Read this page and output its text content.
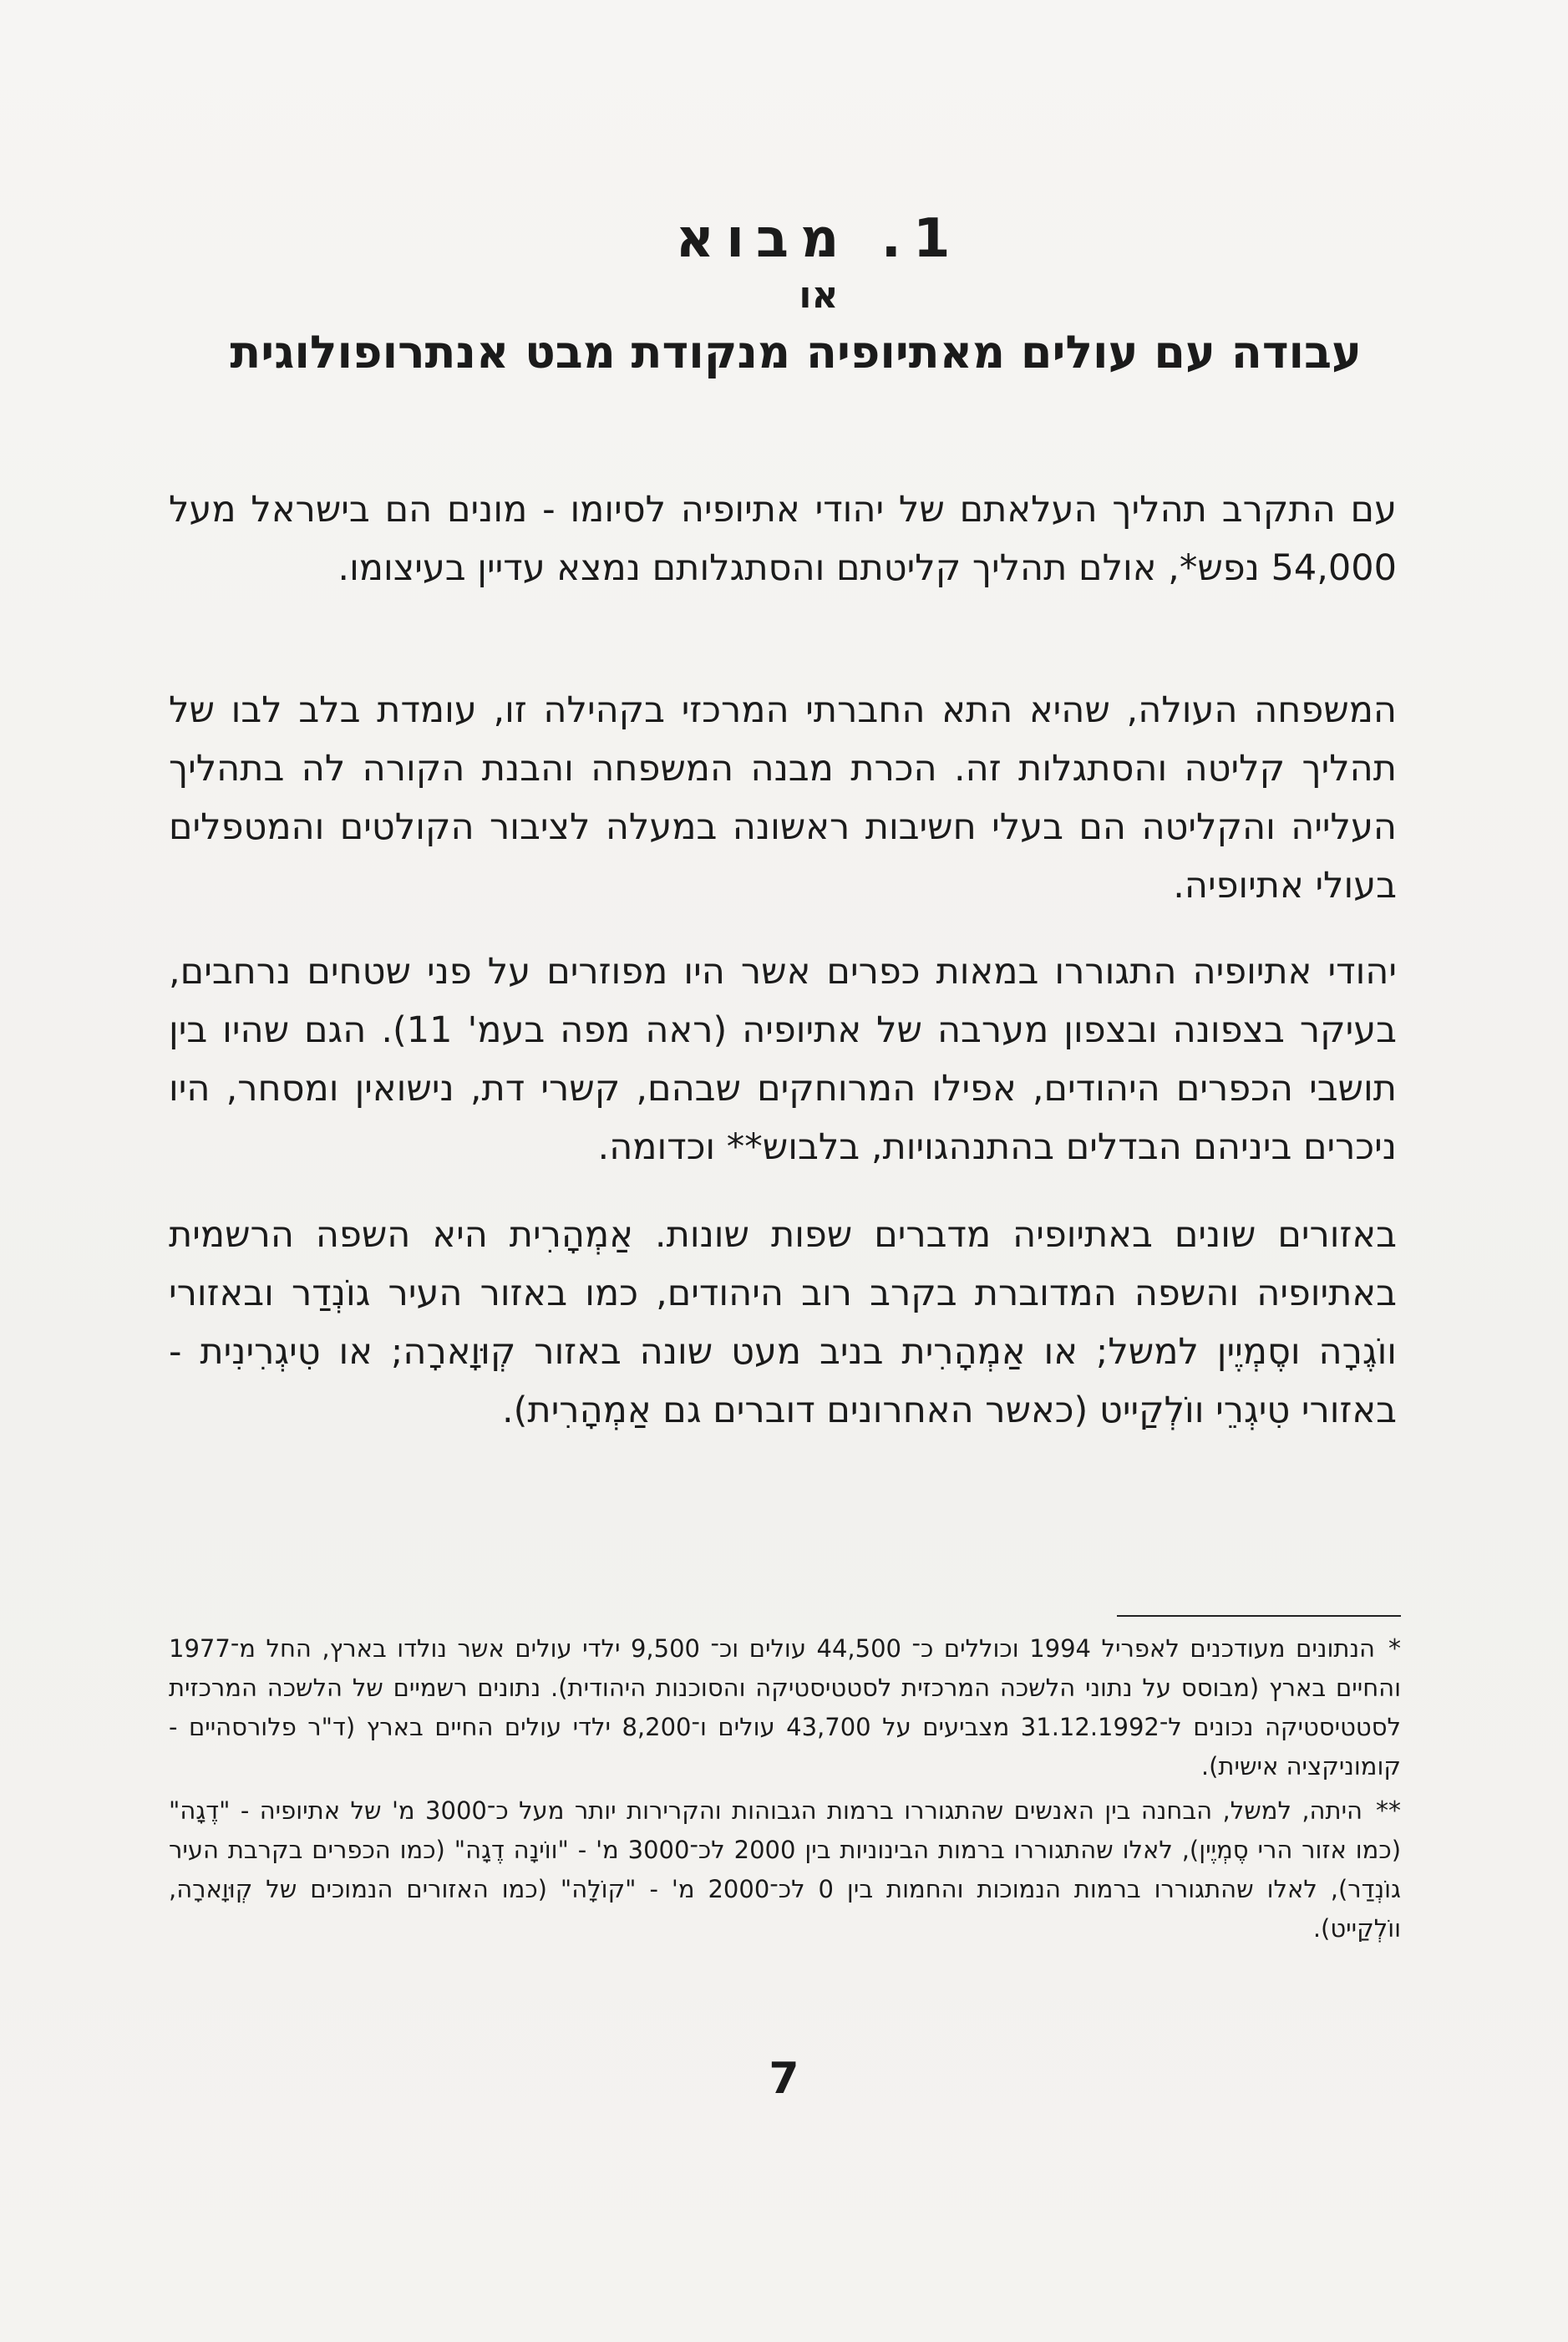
1. מבוא

או

עבודה עם עולים מאתיופיה מנקודת מבט אנתרופולוגית

עם התקרב תהליך העלאתם של יהודי אתיופיה לסיומו - מונים הם בישראל מעל 54,000 נפש*, אולם תהליך קליטתם והסתגלותם נמצא עדיין בעיצומו.

המשפחה העולה, שהיא התא החברתי המרכזי בקהילה זו, עומדת בלב לבו של תהליך קליטה והסתגלות זה. הכרת מבנה המשפחה והבנת הקורה לה בתהליך העלייה והקליטה הם בעלי חשיבות ראשונה במעלה לציבור הקולטים והמטפלים בעולי אתיופיה.

יהודי אתיופיה התגוררו במאות כפרים אשר היו מפוזרים על פני שטחים נרחבים, בעיקר בצפונה ובצפון מערבה של אתיופיה (ראה מפה בעמ' 11). הגם שהיו בין תושבי הכפרים היהודים, אפילו המרוחקים שבהם, קשרי דת, נישואין ומסחר, היו ניכרים ביניהם הבדלים בהתנהגויות, בלבוש** וכדומה.

באזורים שונים באתיופיה מדברים שפות שונות. אַמְהָרִית היא השפה הרשמית באתיופיה והשפה המדוברת בקרב רוב היהודים, כמו באזור העיר גוֹנְדַר ובאזורי ווֹגֶרָה וסֶמְיֶין למשל; או אַמְהָרִית בניב מעט שונה באזור קְוּוָארָה; או טִיגְרִינִית - באזורי טִיגְרֵי ווֹלְקַייט (כאשר האחרונים דוברים גם אַמְהָרִית).

*הנתונים מעודכנים לאפריל 1994 וכוללים כ־ 44,500 עולים וכ־ 9,500 ילדי עולים אשר נולדו בארץ, החל מ־1977 והחיים בארץ (מבוסס על נתוני הלשכה המרכזית לסטטיסטיקה והסוכנות היהודית). נתונים רשמיים של הלשכה המרכזית לסטטיסטיקה נכונים ל־31.12.1992 מצביעים על 43,700 עולים ו־8,200 ילדי עולים החיים בארץ (ד"ר פלורסהיים - קומוניקציה אישית).

**היתה, למשל, הבחנה בין האנשים שהתגוררו ברמות הגבוהות והקרירות יותר מעל כ־3000 מ' של אתיופיה - "דֶגָה" (כמו אזור הרי סֶמְיֶין), לאלו שהתגוררו ברמות הבינוניות בין 2000 לכ־3000 מ' - "ווֹינָה דֶגָה" (כמו הכפרים בקרבת העיר גוֹנְדַר), לאלו שהתגוררו ברמות הנמוכות והחמות בין 0 לכ־2000 מ' - "קוֹלָה" (כמו האזורים הנמוכים של קְוּוָארָה, ווֹלְקַייט).

7
